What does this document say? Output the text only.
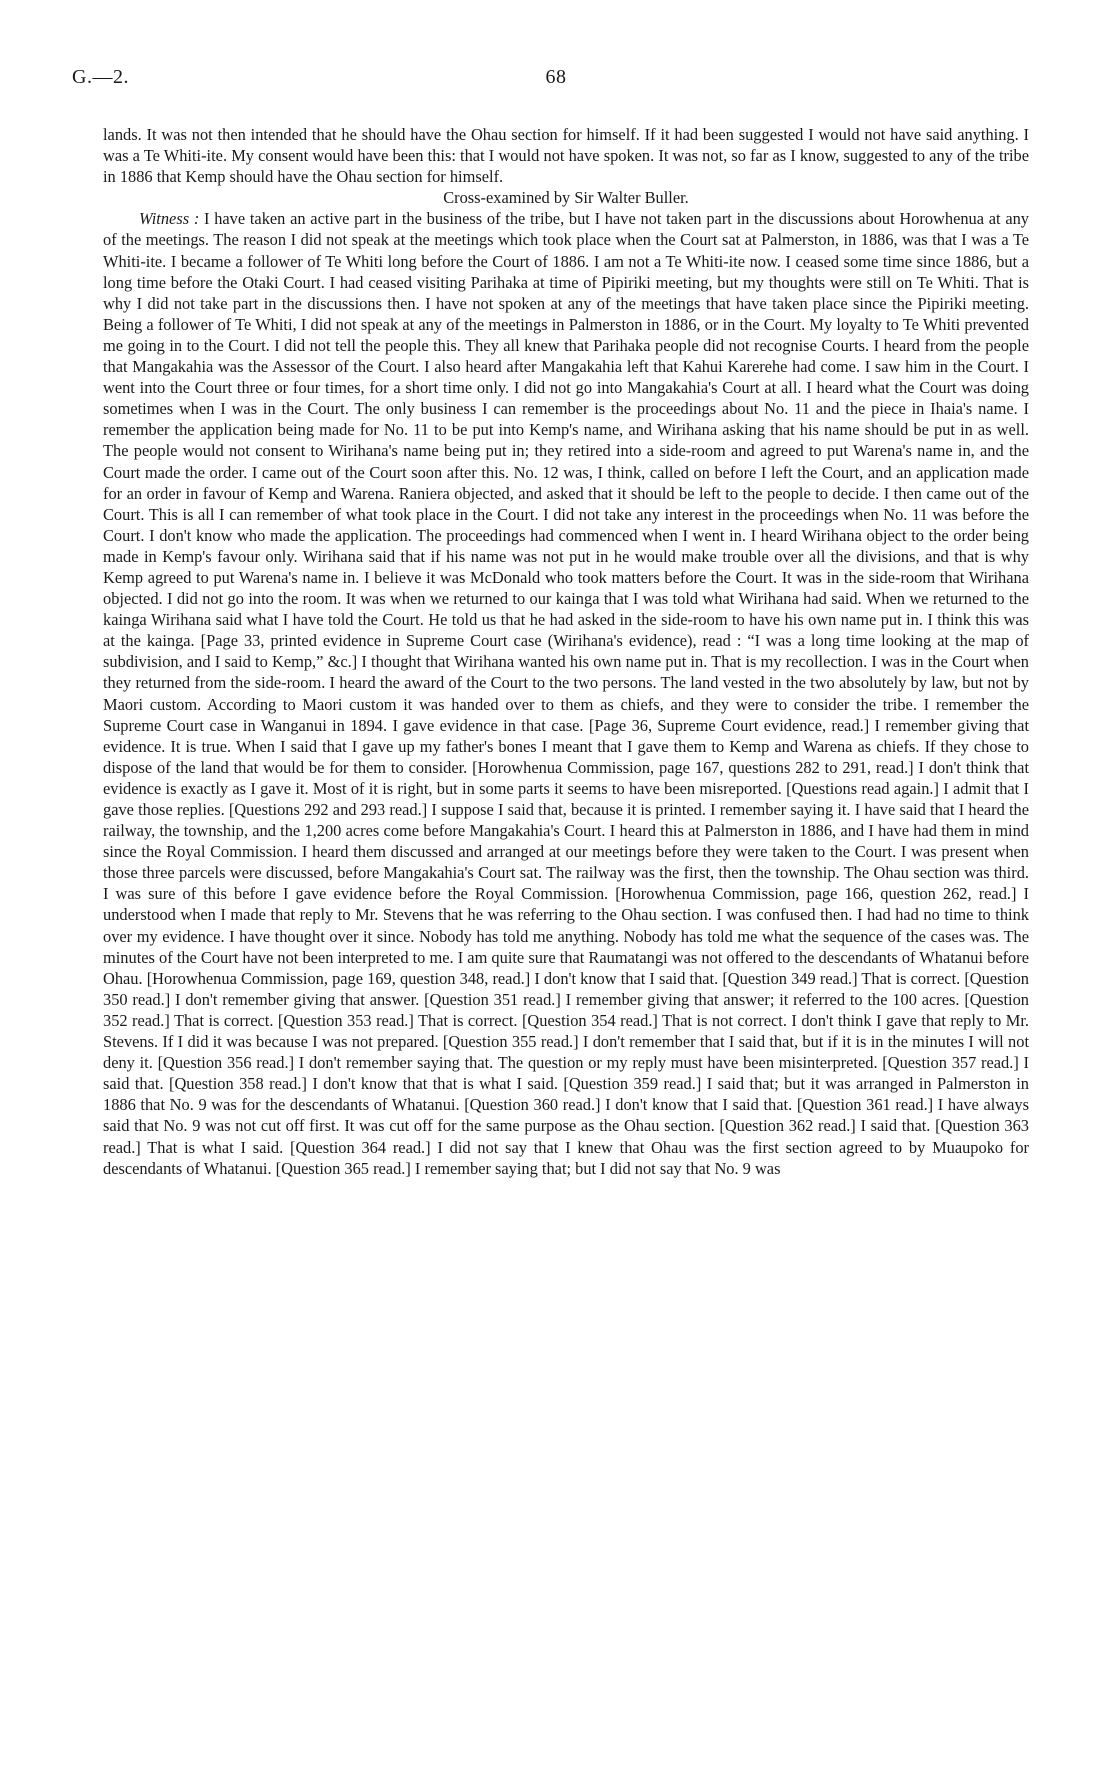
G.—2.	68

lands. It was not then intended that he should have the Ohau section for himself. If it had been suggested I would not have said anything. I was a Te Whiti-ite. My consent would have been this: that I would not have spoken. It was not, so far as I know, suggested to any of the tribe in 1886 that Kemp should have the Ohau section for himself.

Cross-examined by Sir Walter Buller.

Witness : I have taken an active part in the business of the tribe, but I have not taken part in the discussions about Horowhenua at any of the meetings. The reason I did not speak at the meetings which took place when the Court sat at Palmerston, in 1886, was that I was a Te Whiti-ite. I became a follower of Te Whiti long before the Court of 1886. I am not a Te Whiti-ite now. I ceased some time since 1886, but a long time before the Otaki Court. I had ceased visiting Parihaka at time of Pipiriki meeting, but my thoughts were still on Te Whiti. That is why I did not take part in the discussions then. I have not spoken at any of the meetings that have taken place since the Pipiriki meeting. Being a follower of Te Whiti, I did not speak at any of the meetings in Palmerston in 1886, or in the Court. My loyalty to Te Whiti prevented me going in to the Court. I did not tell the people this. They all knew that Parihaka people did not recognise Courts. I heard from the people that Mangakahia was the Assessor of the Court. I also heard after Mangakahia left that Kahui Karerehe had come. I saw him in the Court. I went into the Court three or four times, for a short time only. I did not go into Mangakahia's Court at all. I heard what the Court was doing sometimes when I was in the Court. The only business I can remember is the proceedings about No. 11 and the piece in Ihaia's name. I remember the application being made for No. 11 to be put into Kemp's name, and Wirihana asking that his name should be put in as well. The people would not consent to Wirihana's name being put in; they retired into a side-room and agreed to put Warena's name in, and the Court made the order. I came out of the Court soon after this. No. 12 was, I think, called on before I left the Court, and an application made for an order in favour of Kemp and Warena. Raniera objected, and asked that it should be left to the people to decide. I then came out of the Court. This is all I can remember of what took place in the Court. I did not take any interest in the proceedings when No. 11 was before the Court. I don't know who made the application. The proceedings had commenced when I went in. I heard Wirihana object to the order being made in Kemp's favour only. Wirihana said that if his name was not put in he would make trouble over all the divisions, and that is why Kemp agreed to put Warena's name in. I believe it was McDonald who took matters before the Court. It was in the side-room that Wirihana objected. I did not go into the room. It was when we returned to our kainga that I was told what Wirihana had said. When we returned to the kainga Wirihana said what I have told the Court. He told us that he had asked in the side-room to have his own name put in. I think this was at the kainga. [Page 33, printed evidence in Supreme Court case (Wirihana's evidence), read : “I was a long time looking at the map of subdivision, and I said to Kemp,” &c.] I thought that Wirihana wanted his own name put in. That is my recollection. I was in the Court when they returned from the side-room. I heard the award of the Court to the two persons. The land vested in the two absolutely by law, but not by Maori custom. According to Maori custom it was handed over to them as chiefs, and they were to consider the tribe. I remember the Supreme Court case in Wanganui in 1894. I gave evidence in that case. [Page 36, Supreme Court evidence, read.] I remember giving that evidence. It is true. When I said that I gave up my father's bones I meant that I gave them to Kemp and Warena as chiefs. If they chose to dispose of the land that would be for them to consider. [Horowhenua Commission, page 167, questions 282 to 291, read.] I don't think that evidence is exactly as I gave it. Most of it is right, but in some parts it seems to have been misreported. [Questions read again.] I admit that I gave those replies. [Questions 292 and 293 read.] I suppose I said that, because it is printed. I remember saying it. I have said that I heard the railway, the township, and the 1,200 acres come before Mangakahia's Court. I heard this at Palmerston in 1886, and I have had them in mind since the Royal Commission. I heard them discussed and arranged at our meetings before they were taken to the Court. I was present when those three parcels were discussed, before Mangakahia's Court sat. The railway was the first, then the township. The Ohau section was third. I was sure of this before I gave evidence before the Royal Commission. [Horowhenua Commission, page 166, question 262, read.] I understood when I made that reply to Mr. Stevens that he was referring to the Ohau section. I was confused then. I had had no time to think over my evidence. I have thought over it since. Nobody has told me anything. Nobody has told me what the sequence of the cases was. The minutes of the Court have not been interpreted to me. I am quite sure that Raumatangi was not offered to the descendants of Whatanui before Ohau. [Horowhenua Commission, page 169, question 348, read.] I don't know that I said that. [Question 349 read.] That is correct. [Question 350 read.] I don't remember giving that answer. [Question 351 read.] I remember giving that answer; it referred to the 100 acres. [Question 352 read.] That is correct. [Question 353 read.] That is correct. [Question 354 read.] That is not correct. I don't think I gave that reply to Mr. Stevens. If I did it was because I was not prepared. [Question 355 read.] I don't remember that I said that, but if it is in the minutes I will not deny it. [Question 356 read.] I don't remember saying that. The question or my reply must have been misinterpreted. [Question 357 read.] I said that. [Question 358 read.] I don't know that that is what I said. [Question 359 read.] I said that; but it was arranged in Palmerston in 1886 that No. 9 was for the descendants of Whatanui. [Question 360 read.] I don't know that I said that. [Question 361 read.] I have always said that No. 9 was not cut off first. It was cut off for the same purpose as the Ohau section. [Question 362 read.] I said that. [Question 363 read.] That is what I said. [Question 364 read.] I did not say that I knew that Ohau was the first section agreed to by Muaupoko for descendants of Whatanui. [Question 365 read.] I remember saying that; but I did not say that No. 9 was
